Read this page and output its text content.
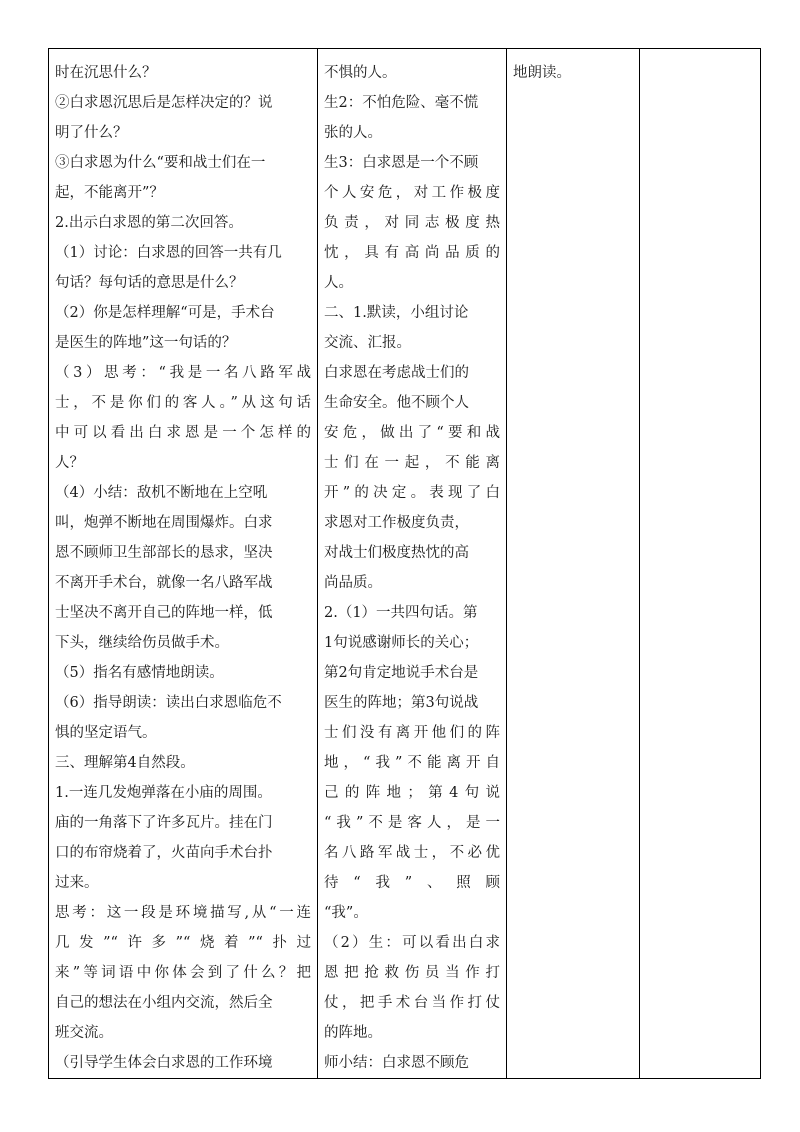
时在沉思什么？
②白求恩沉思后是怎样决定的？说
明了什么？
③白求恩为什么“要和战士们在一
起，不能离开”？
2.出示白求恩的第二次回答。
（1）讨论：白求恩的回答一共有几
句话？每句话的意思是什么？
（2）你是怎样理解“可是，手术台
是医生的阵地”这一句话的？
（3）思考：“我是一名八路军战
士，不是你们的客人。”从这句话
中可以看出白求恩是一个怎样的
人？
（4）小结：敌机不断地在上空吼
叫，炮弹不断地在周围爆炸。白求
恩不顾师卫生部部长的恳求，坚决
不离开手术台，就像一名八路军战
士坚决不离开自己的阵地一样，低
下头，继续给伤员做手术。
（5）指名有感情地朗读。
（6）指导朗读：读出白求恩临危不
惧的坚定语气。
三、理解第4自然段。
1.一连几发炮弹落在小庙的周围。
庙的一角落下了许多瓦片。挂在门
口的布帘烧着了，火苗向手术台扑
过来。
思考：这一段是环境描写,从“一连
几发”“许多”“烧着”“扑过
来”等词语中你体会到了什么？把
自己的想法在小组内交流，然后全
班交流。
（引导学生体会白求恩的工作环境

不惧的人。
生2：不怕危险、毫不慌
张的人。
生3：白求恩是一个不顾
个人安危，对工作极度
负责，对同志极度热
忱，具有高尚品质的
人。
二、1.默读，小组讨论
交流、汇报。
白求恩在考虑战士们的
生命安全。他不顾个人
安危，做出了“要和战
士们在一起，不能离
开”的决定。表现了白
求恩对工作极度负责，
对战士们极度热忱的高
尚品质。
2.（1）一共四句话。第
1句说感谢师长的关心；
第2句肯定地说手术台是
医生的阵地；第3句说战
士们没有离开他们的阵
地，“我”不能离开自
己的阵地；第4句说
“我”不是客人，是一
名八路军战士，不必优
待“我”、照顾
“我”。
（2）生：可以看出白求
恩把抢救伤员当作打
仗，把手术台当作打仗
的阵地。
师小结：白求恩不顾危

地朗读。
